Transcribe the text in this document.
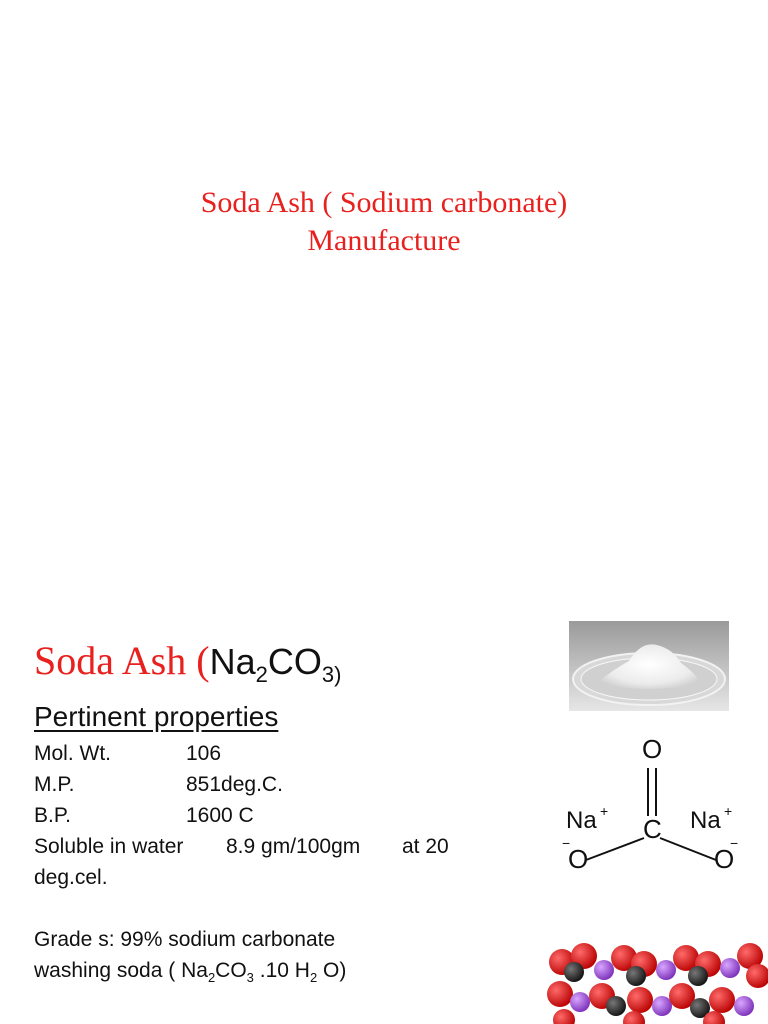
Soda Ash ( Sodium carbonate)
Manufacture
Soda Ash ($Na_2CO_{3)}$
Pertinent properties
Mol. Wt.	106
M.P.	851deg.C.
B.P.	1600 C
Soluble in water 8.9 gm/100gm at 20
deg.cel.
Grade s: 99% sodium carbonate
washing soda ( $Na_2CO_3$ .10 $H_2$ O)
O
C
Na +	Na +
−
O
−
O
